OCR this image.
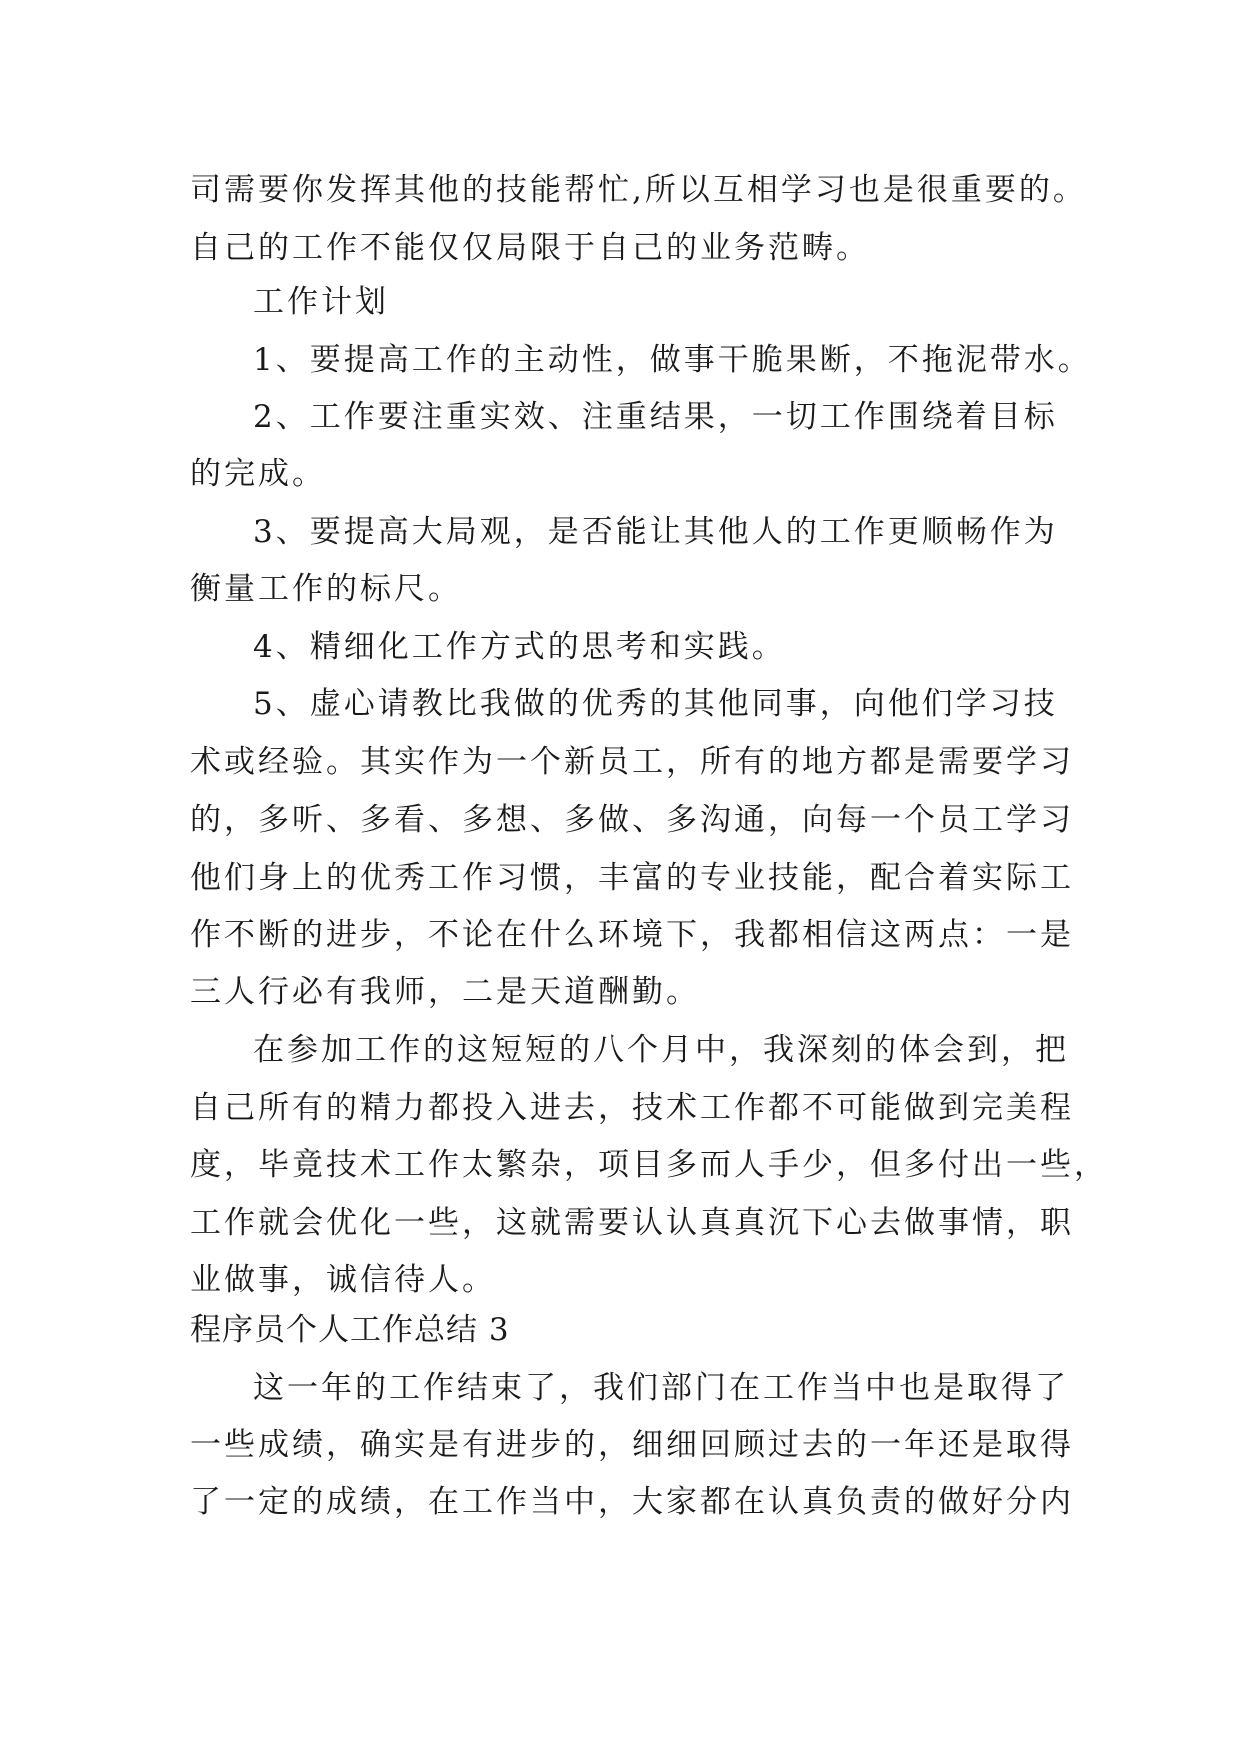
司需要你发挥其他的技能帮忙,所以互相学习也是很重要的。
自己的工作不能仅仅局限于自己的业务范畴。
工作计划
1、要提高工作的主动性，做事干脆果断，不拖泥带水。
2、工作要注重实效、注重结果，一切工作围绕着目标
的完成。
3、要提高大局观，是否能让其他人的工作更顺畅作为
衡量工作的标尺。
4、精细化工作方式的思考和实践。
5、虚心请教比我做的优秀的其他同事，向他们学习技
术或经验。其实作为一个新员工，所有的地方都是需要学习
的，多听、多看、多想、多做、多沟通，向每一个员工学习
他们身上的优秀工作习惯，丰富的专业技能，配合着实际工
作不断的进步，不论在什么环境下，我都相信这两点：一是
三人行必有我师，二是天道酬勤。
在参加工作的这短短的八个月中，我深刻的体会到，把
自己所有的精力都投入进去，技术工作都不可能做到完美程
度，毕竟技术工作太繁杂，项目多而人手少，但多付出一些，
工作就会优化一些，这就需要认认真真沉下心去做事情，职
业做事，诚信待人。
程序员个人工作总结 3
这一年的工作结束了，我们部门在工作当中也是取得了
一些成绩，确实是有进步的，细细回顾过去的一年还是取得
了一定的成绩，在工作当中，大家都在认真负责的做好分内
